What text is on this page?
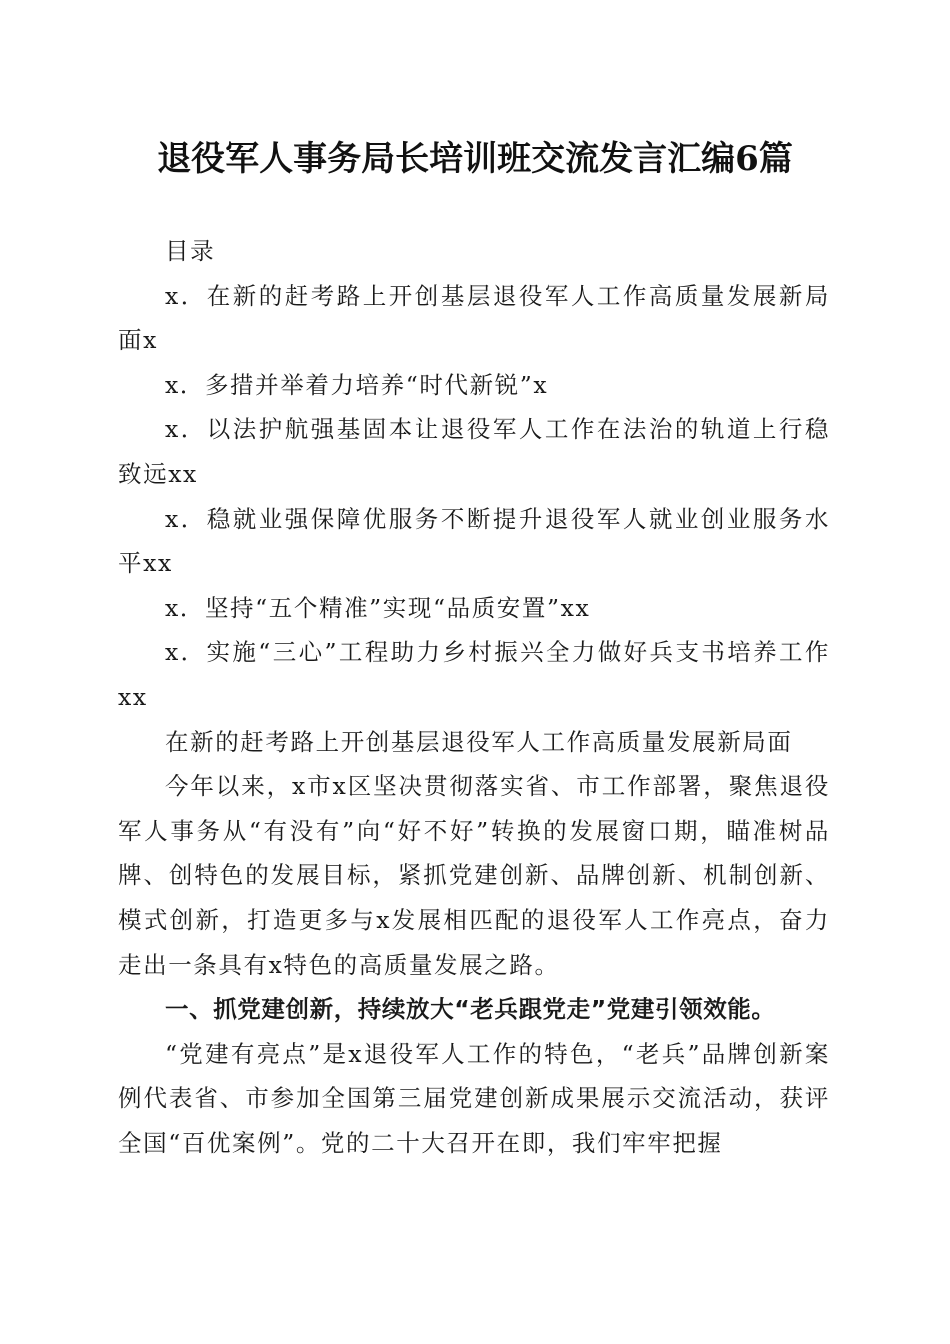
退役军人事务局长培训班交流发言汇编6篇

目录

x．在新的赶考路上开创基层退役军人工作高质量发展新局面x

x．多措并举着力培养“时代新锐”x

x．以法护航强基固本让退役军人工作在法治的轨道上行稳致远xx

x．稳就业强保障优服务不断提升退役军人就业创业服务水平xx

x．坚持“五个精准”实现“品质安置”xx

x．实施“三心”工程助力乡村振兴全力做好兵支书培养工作xx

在新的赶考路上开创基层退役军人工作高质量发展新局面

今年以来，x市x区坚决贯彻落实省、市工作部署，聚焦退役军人事务从“有没有”向“好不好”转换的发展窗口期，瞄准树品牌、创特色的发展目标，紧抓党建创新、品牌创新、机制创新、模式创新，打造更多与x发展相匹配的退役军人工作亮点，奋力走出一条具有x特色的高质量发展之路。

一、抓党建创新，持续放大“老兵跟党走”党建引领效能。

“党建有亮点”是x退役军人工作的特色，“老兵”品牌创新案例代表省、市参加全国第三届党建创新成果展示交流活动，获评全国“百优案例”。党的二十大召开在即，我们牢牢把握
